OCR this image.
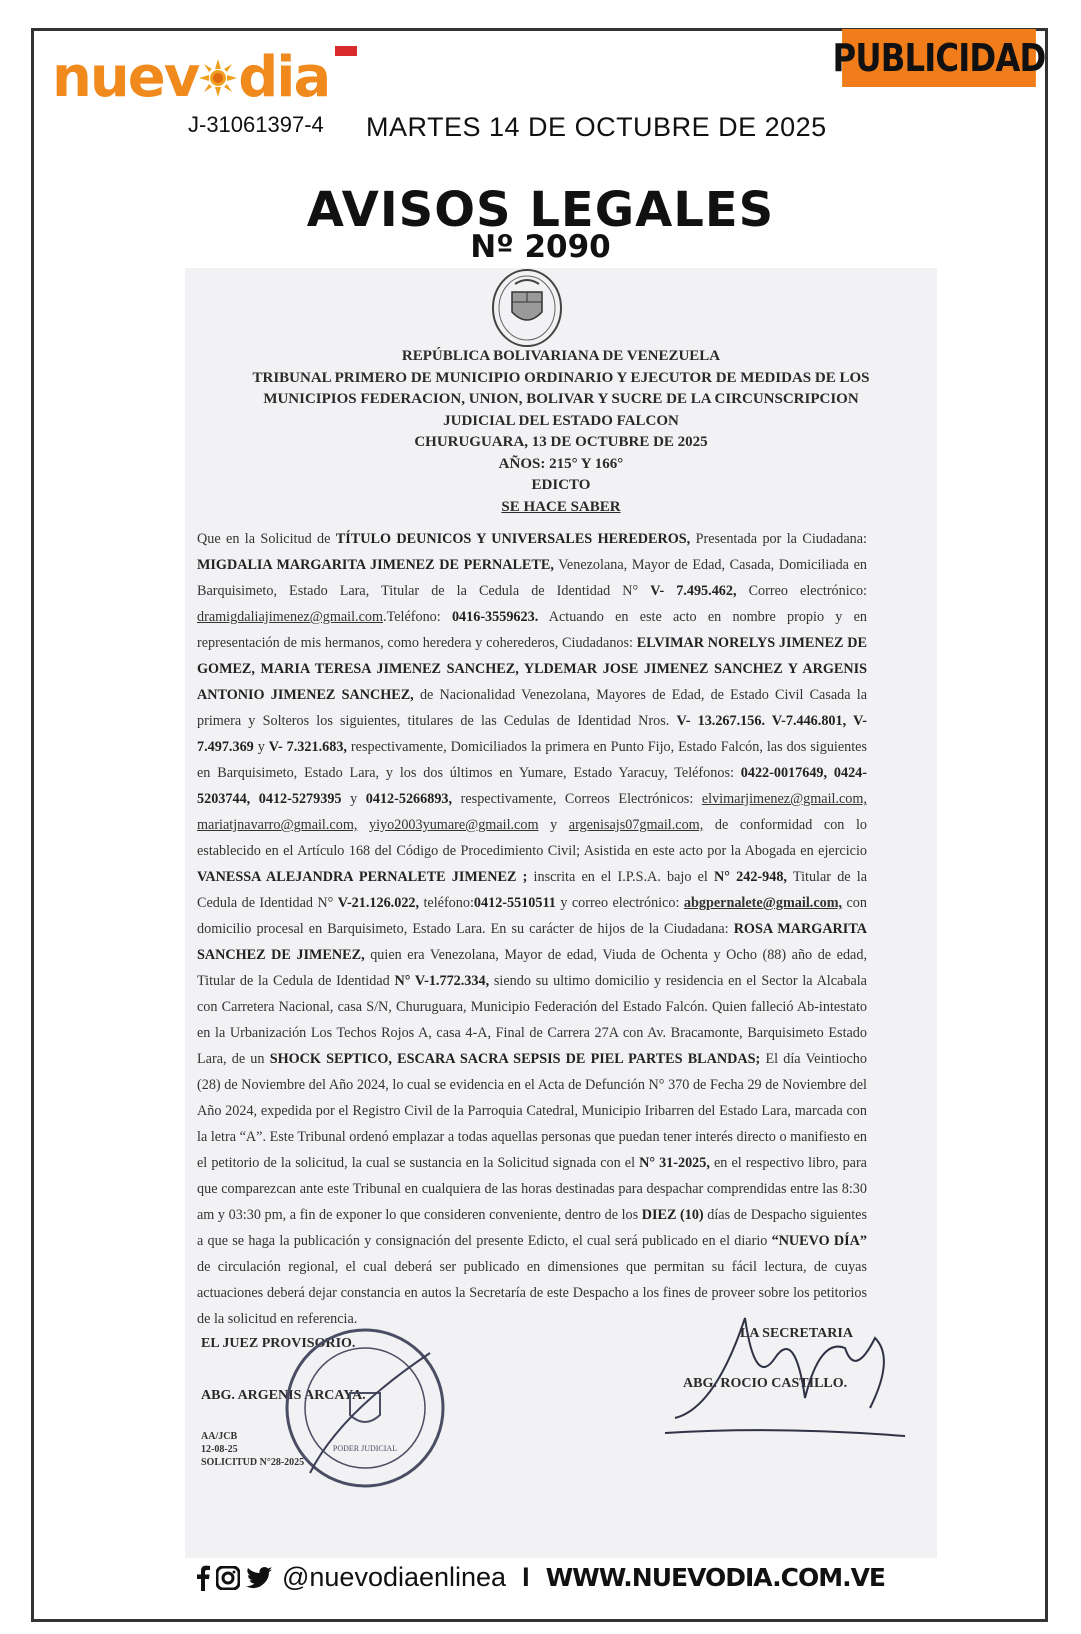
nuev dia
J-31061397-4 MARTES 14 DE OCTUBRE DE 2025
PUBLICIDAD
AVISOS LEGALES
Nº 2090
REPÚBLICA BOLIVARIANA DE VENEZUELA
TRIBUNAL PRIMERO DE MUNICIPIO ORDINARIO Y EJECUTOR DE MEDIDAS DE LOS
MUNICIPIOS FEDERACION, UNION, BOLIVAR Y SUCRE DE LA CIRCUNSCRIPCION
JUDICIAL DEL ESTADO FALCON
CHURUGUARA, 13 DE OCTUBRE DE 2025
AÑOS: 215° Y 166°
EDICTO
SE HACE SABER
Que en la Solicitud de TÍTULO DEUNICOS Y UNIVERSALES HEREDEROS, Presentada por la Ciudadana: MIGDALIA MARGARITA JIMENEZ DE PERNALETE, Venezolana, Mayor de Edad, Casada, Domiciliada en Barquisimeto, Estado Lara, Titular de la Cedula de Identidad N° V- 7.495.462, Correo electrónico: dramigdaliajimenez@gmail.com.Teléfono: 0416-3559623. Actuando en este acto en nombre propio y en representación de mis hermanos, como heredera y coherederos, Ciudadanos: ELVIMAR NORELYS JIMENEZ DE GOMEZ, MARIA TERESA JIMENEZ SANCHEZ, YLDEMAR JOSE JIMENEZ SANCHEZ Y ARGENIS ANTONIO JIMENEZ SANCHEZ, de Nacionalidad Venezolana, Mayores de Edad, de Estado Civil Casada la primera y Solteros los siguientes, titulares de las Cedulas de Identidad Nros. V- 13.267.156. V-7.446.801, V-7.497.369 y V- 7.321.683, respectivamente, Domiciliados la primera en Punto Fijo, Estado Falcón, las dos siguientes en Barquisimeto, Estado Lara, y los dos últimos en Yumare, Estado Yaracuy, Teléfonos: 0422-0017649, 0424-5203744, 0412-5279395 y 0412-5266893, respectivamente, Correos Electrónicos: elvimarjimenez@gmail.com, mariatjnavarro@gmail.com, yiyo2003yumare@gmail.com y argenisajs07gmail.com, de conformidad con lo establecido en el Artículo 168 del Código de Procedimiento Civil; Asistida en este acto por la Abogada en ejercicio VANESSA ALEJANDRA PERNALETE JIMENEZ ; inscrita en el I.P.S.A. bajo el N° 242-948, Titular de la Cedula de Identidad N° V-21.126.022, teléfono:0412-5510511 y correo electrónico: abgpernalete@gmail.com, con domicilio procesal en Barquisimeto, Estado Lara. En su carácter de hijos de la Ciudadana: ROSA MARGARITA SANCHEZ DE JIMENEZ, quien era Venezolana, Mayor de edad, Viuda de Ochenta y Ocho (88) año de edad, Titular de la Cedula de Identidad N° V-1.772.334, siendo su ultimo domicilio y residencia en el Sector la Alcabala con Carretera Nacional, casa S/N, Churuguara, Municipio Federación del Estado Falcón. Quien falleció Ab-intestato en la Urbanización Los Techos Rojos A, casa 4-A, Final de Carrera 27A con Av. Bracamonte, Barquisimeto Estado Lara, de un SHOCK SEPTICO, ESCARA SACRA SEPSIS DE PIEL PARTES BLANDAS; El día Veintiocho (28) de Noviembre del Año 2024, lo cual se evidencia en el Acta de Defunción N° 370 de Fecha 29 de Noviembre del Año 2024, expedida por el Registro Civil de la Parroquia Catedral, Municipio Iribarren del Estado Lara, marcada con la letra “A”. Este Tribunal ordenó emplazar a todas aquellas personas que puedan tener interés directo o manifiesto en el petitorio de la solicitud, la cual se sustancia en la Solicitud signada con el N° 31-2025, en el respectivo libro, para que comparezcan ante este Tribunal en cualquiera de las horas destinadas para despachar comprendidas entre las 8:30 am y 03:30 pm, a fin de exponer lo que consideren conveniente, dentro de los DIEZ (10) días de Despacho siguientes a que se haga la publicación y consignación del presente Edicto, el cual será publicado en el diario “NUEVO DÍA” de circulación regional, el cual deberá ser publicado en dimensiones que permitan su fácil lectura, de cuyas actuaciones deberá dejar constancia en autos la Secretaría de este Despacho a los fines de proveer sobre los petitorios de la solicitud en referencia.
EL JUEZ PROVISORIO.
ABG. ARGENIS ARCAYA.
LA SECRETARIA
ABG. ROCIO CASTILLO.
AA/JCB
12-08-25
SOLICITUD N°28-2025
PODER JUDICIAL
@nuevodiaenlinea I WWW.NUEVODIA.COM.VE
